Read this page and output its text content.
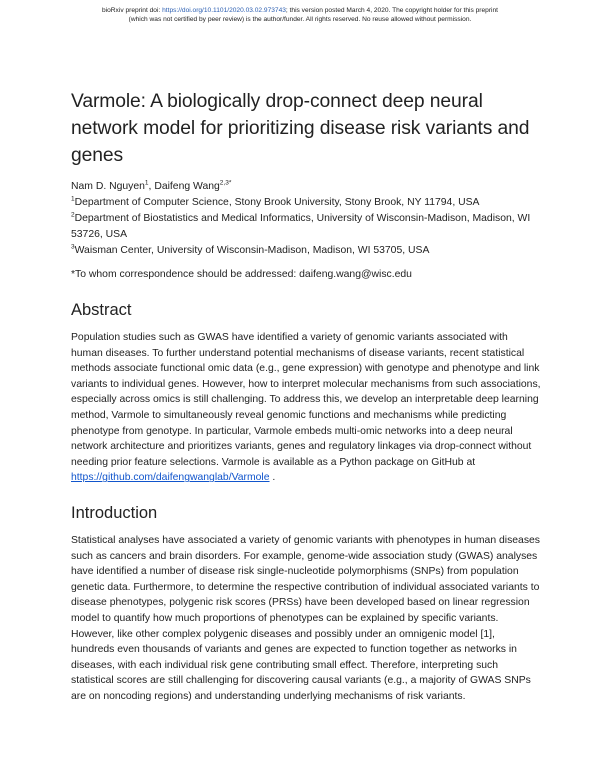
bioRxiv preprint doi: https://doi.org/10.1101/2020.03.02.973743; this version posted March 4, 2020. The copyright holder for this preprint
(which was not certified by peer review) is the author/funder. All rights reserved. No reuse allowed without permission.
Varmole: A biologically drop-connect deep neural network model for prioritizing disease risk variants and genes

Nam D. Nguyen$^1$, Daifeng Wang$^{2,3*}$

$^1$Department of Computer Science, Stony Brook University, Stony Brook, NY 11794, USA

$^2$Department of Biostatistics and Medical Informatics, University of Wisconsin-Madison, Madison, WI 53726, USA

$^3$Waisman Center, University of Wisconsin-Madison, Madison, WI 53705, USA

*To whom correspondence should be addressed: daifeng.wang@wisc.edu

Abstract

Population studies such as GWAS have identified a variety of genomic variants associated with human diseases. To further understand potential mechanisms of disease variants, recent statistical methods associate functional omic data (e.g., gene expression) with genotype and phenotype and link variants to individual genes. However, how to interpret molecular mechanisms from such associations, especially across omics is still challenging. To address this, we develop an interpretable deep learning method, Varmole to simultaneously reveal genomic functions and mechanisms while predicting phenotype from genotype. In particular, Varmole embeds multi-omic networks into a deep neural network architecture and prioritizes variants, genes and regulatory linkages via drop-connect without needing prior feature selections. Varmole is available as a Python package on GitHub at https://github.com/daifengwanglab/Varmole .

Introduction

Statistical analyses have associated a variety of genomic variants with phenotypes in human diseases such as cancers and brain disorders. For example, genome-wide association study (GWAS) analyses have identified a number of disease risk single-nucleotide polymorphisms (SNPs) from population genetic data. Furthermore, to determine the respective contribution of individual associated variants to disease phenotypes, polygenic risk scores (PRSs) have been developed based on linear regression model to quantify how much proportions of phenotypes can be explained by specific variants. However, like other complex polygenic diseases and possibly under an omnigenic model [1], hundreds even thousands of variants and genes are expected to function together as networks in diseases, with each individual risk gene contributing small effect. Therefore, interpreting such statistical scores are still challenging for discovering causal variants (e.g., a majority of GWAS SNPs are on noncoding regions) and understanding underlying mechanisms of risk variants.
